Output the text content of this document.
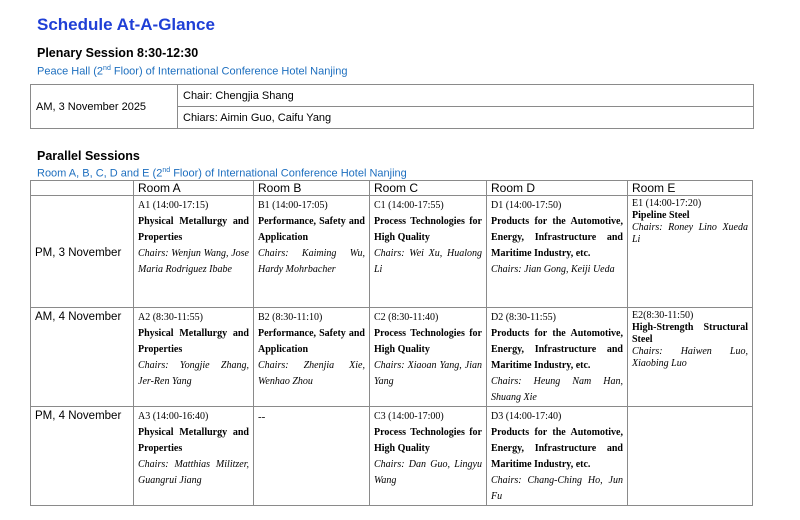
Schedule At-A-Glance
Plenary Session 8:30-12:30
Peace Hall (2nd Floor) of International Conference Hotel Nanjing
AM, 3 November 2025	Chair: Chengjia Shang
Chiars: Aimin Guo, Caifu Yang
Parallel Sessions
Room A, B, C, D and E (2nd Floor) of International Conference Hotel Nanjing
	Room A	Room B	Room C	Room D	Room E
PM, 3 November	A1 (14:00-17:15)
Physical Metallurgy and Properties
Chairs: Wenjun Wang, Jose Maria Rodriguez Ibabe	B1 (14:00-17:05)
Performance, Safety and Application
Chairs: Kaiming Wu, Hardy Mohrbacher	C1 (14:00-17:55)
Process Technologies for High Quality
Chairs: Wei Xu, Hualong Li	D1 (14:00-17:50)
Products for the Automotive, Energy, Infrastructure and Maritime Industry, etc.
Chairs: Jian Gong, Keiji Ueda	E1 (14:00-17:20)
Pipeline Steel
Chairs: Roney Lino Xueda Li

AM, 4 November	A2 (8:30-11:55)
Physical Metallurgy and Properties
Chairs: Yongjie Zhang, Jer-Ren Yang	B2 (8:30-11:10)
Performance, Safety and Application
Chairs: Zhenjia Xie, Wenhao Zhou	C2 (8:30-11:40)
Process Technologies for High Quality
Chairs: Xiaoan Yang, Jian Yang	D2 (8:30-11:55)
Products for the Automotive, Energy, Infrastructure and Maritime Industry, etc.
Chairs: Heung Nam Han, Shuang Xie	E2(8:30-11:50)
High-Strength Structural Steel
Chairs: Haiwen Luo, Xiaobing Luo

PM, 4 November	A3 (14:00-16:40)
Physical Metallurgy and Properties
Chairs: Matthias Militzer, Guangrui Jiang	--	C3 (14:00-17:00)
Process Technologies for High Quality
Chairs: Dan Guo, Lingyu Wang	D3 (14:00-17:40)
Products for the Automotive, Energy, Infrastructure and Maritime Industry, etc.
Chairs: Chang-Ching Ho, Jun Fu	
